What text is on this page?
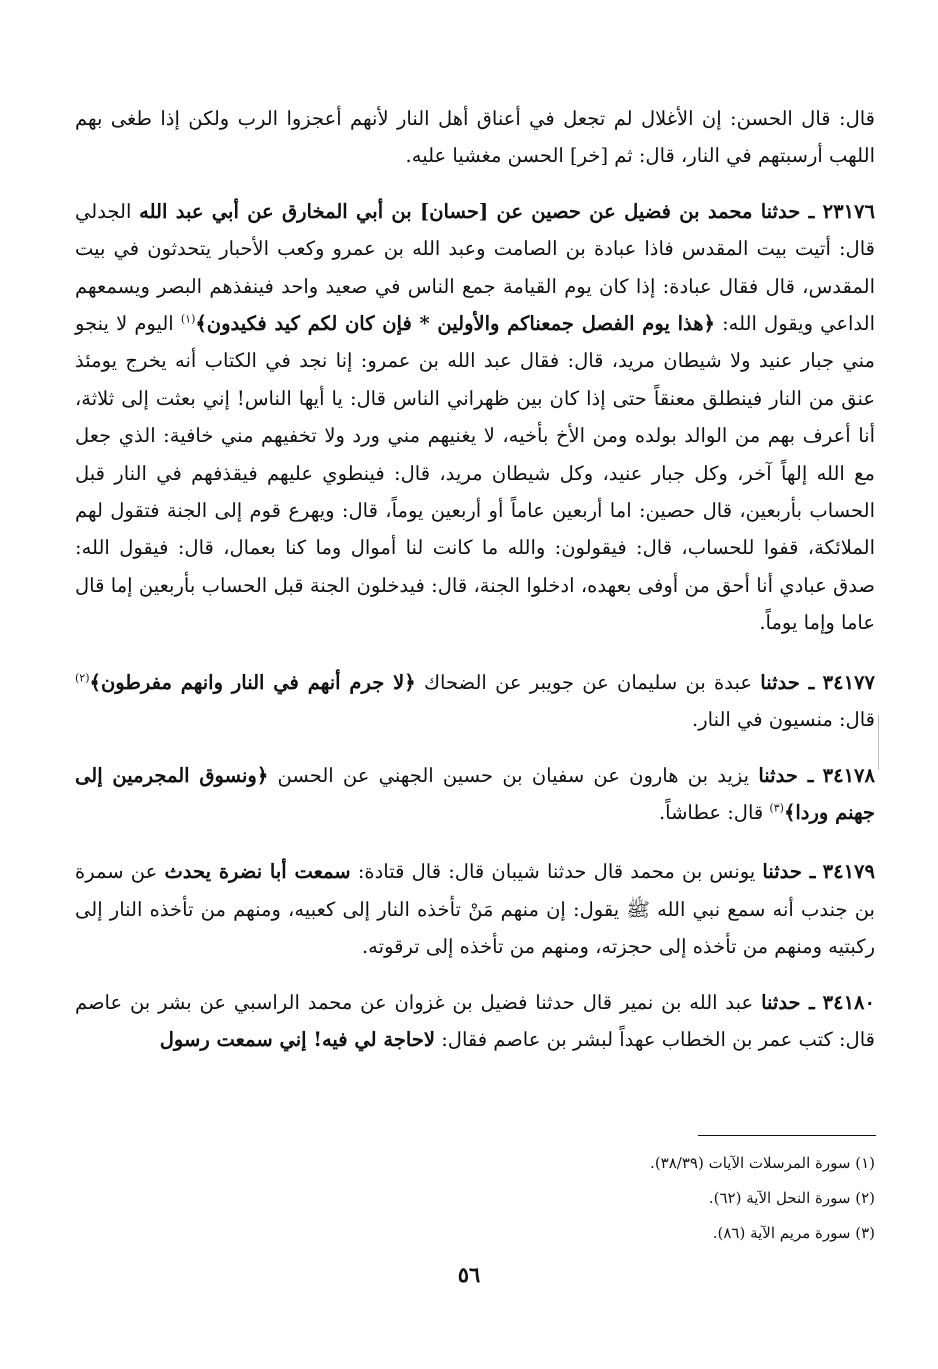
قال: قال الحسن: إن الأغلال لم تجعل في أعناق أهل النار لأنهم أعجزوا الرب ولكن إذا طغى بهم اللهب أرسبتهم في النار، قال: ثم [خر] الحسن مغشيا عليه.

٢٣١٧٦ ـ حدثنا محمد بن فضيل عن حصين عن [حسان] بن أبي المخارق عن أبي عبد الله الجدلي قال: أتيت بيت المقدس فاذا عبادة بن الصامت وعبد الله بن عمرو وكعب الأحبار يتحدثون في بيت المقدس، قال فقال عبادة: إذا كان يوم القيامة جمع الناس في صعيد واحد فينفذهم البصر ويسمعهم الداعي ويقول الله: ﴿هذا يوم الفصل جمعناكم والأولين * فإن كان لكم كيد فكيدون﴾$^{(١)}$ اليوم لا ينجو مني جبار عنيد ولا شيطان مريد، قال: فقال عبد الله بن عمرو: إنا نجد في الكتاب أنه يخرج يومئذ عنق من النار فينطلق معنقاً حتى إذا كان بين ظهراني الناس قال: يا أيها الناس! إني بعثت إلى ثلاثة، أنا أعرف بهم من الوالد بولده ومن الأخ بأخيه، لا يغنيهم مني ورد ولا تخفيهم مني خافية: الذي جعل مع الله إلهاً آخر، وكل جبار عنيد، وكل شيطان مريد، قال: فينطوي عليهم فيقذفهم في النار قبل الحساب بأربعين، قال حصين: اما أربعين عاماً أو أربعين يوماً، قال: ويهرع قوم إلى الجنة فتقول لهم الملائكة، قفوا للحساب، قال: فيقولون: والله ما كانت لنا أموال وما كنا بعمال، قال: فيقول الله: صدق عبادي أنا أحق من أوفى بعهده، ادخلوا الجنة، قال: فيدخلون الجنة قبل الحساب بأربعين إما قال عاما وإما يوماً.

٣٤١٧٧ ـ حدثنا عبدة بن سليمان عن جويبر عن الضحاك ﴿لا جرم أنهم في النار وانهم مفرطون﴾$^{(٢)}$ قال: منسيون في النار.

٣٤١٧٨ ـ حدثنا يزيد بن هارون عن سفيان بن حسين الجهني عن الحسن ﴿ونسوق المجرمين إلى جهنم وردا﴾$^{(٣)}$ قال: عطاشاً.

٣٤١٧٩ ـ حدثنا يونس بن محمد قال حدثنا شيبان قال: قال قتادة: سمعت أبا نضرة يحدث عن سمرة بن جندب أنه سمع نبي الله ﷺ يقول: إن منهم مَنْ تأخذه النار إلى كعبيه، ومنهم من تأخذه النار إلى ركبتيه ومنهم من تأخذه إلى حجزته، ومنهم من تأخذه إلى ترقوته.

٣٤١٨٠ ـ حدثنا عبد الله بن نمير قال حدثنا فضيل بن غزوان عن محمد الراسبي عن بشر بن عاصم قال: كتب عمر بن الخطاب عهداً لبشر بن عاصم فقال: لاحاجة لي فيه! إني سمعت رسول

(١) سورة المرسلات الآيات (٣٨/٣٩).

(٢) سورة النحل الآية (٦٢).

(٣) سورة مريم الآية (٨٦).

٥٦
